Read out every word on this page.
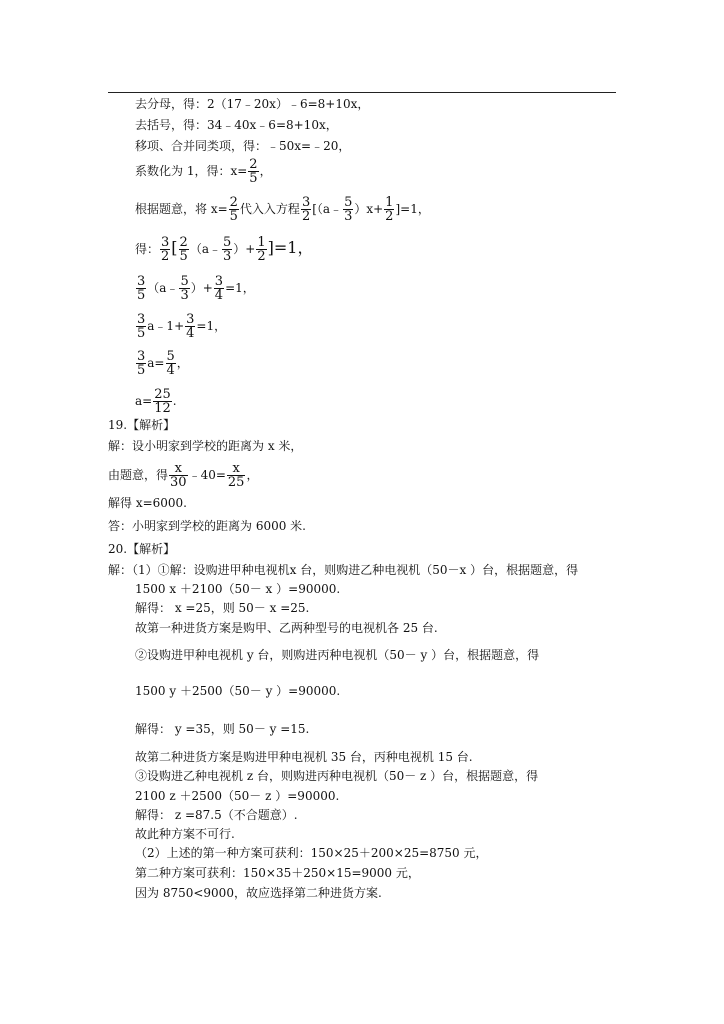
去分母，得：2（17﹣20x）﹣6=8+10x，
去括号，得：34﹣40x﹣6=8+10x，
移项、合并同类项，得：﹣50x=﹣20，
系数化为 1，得：$x= \frac{2}{5}$ ，
根据题意，将 $x= \frac{2}{5}$ 代入入方程 $\frac{3}{2}$ [（a﹣ $\frac{5}{3} )x+ \frac{1}{2} ]=1$，
得： $\frac{3}{2}$ [ $\frac{2}{5}$ （a﹣ $\frac{5}{3}$ ）+ $\frac{1}{2} ]=1$，
$\frac{3}{5}$ （a﹣ $\frac{5}{3}$ ）+ $\frac{3}{4} =1$，
$\frac{3}{5}$ a﹣1+ $\frac{3}{4} =1$，
$\frac{3}{5} a= \frac{5}{4}$ ，
$a= \frac{25}{12}$ .
19.【解析】
解：设小明家到学校的距离为 x 米，
由题意，得 $\frac{x}{30}$ ﹣40= $\frac{x}{25}$ ，
解得 x=6000.
答：小明家到学校的距离为 6000 米.
20.【解析】
解：（1）①解：设购进甲种电视机x 台，则购进乙种电视机（50－x ）台，根据题意，得
1500 x ＋2100（50－ x ）=90000.
解得： x =25，则 50－ x =25.
故第一种进货方案是购甲、乙两种型号的电视机各 25 台.
②设购进甲种电视机 y 台，则购进丙种电视机（50－ y ）台，根据题意，得
1500 y ＋2500（50－ y ）=90000.
解得： y =35，则 50－ y =15.
故第二种进货方案是购进甲种电视机 35 台，丙种电视机 15 台.
③设购进乙种电视机 z 台，则购进丙种电视机（50－ z ）台，根据题意，得
2100 z ＋2500（50－ z ）=90000.
解得： z =87.5（不合题意）.
故此种方案不可行.
（2）上述的第一种方案可获利：150×25＋200×25=8750 元，
第二种方案可获利：150×35＋250×15=9000 元，
因为 8750<9000，故应选择第二种进货方案.
